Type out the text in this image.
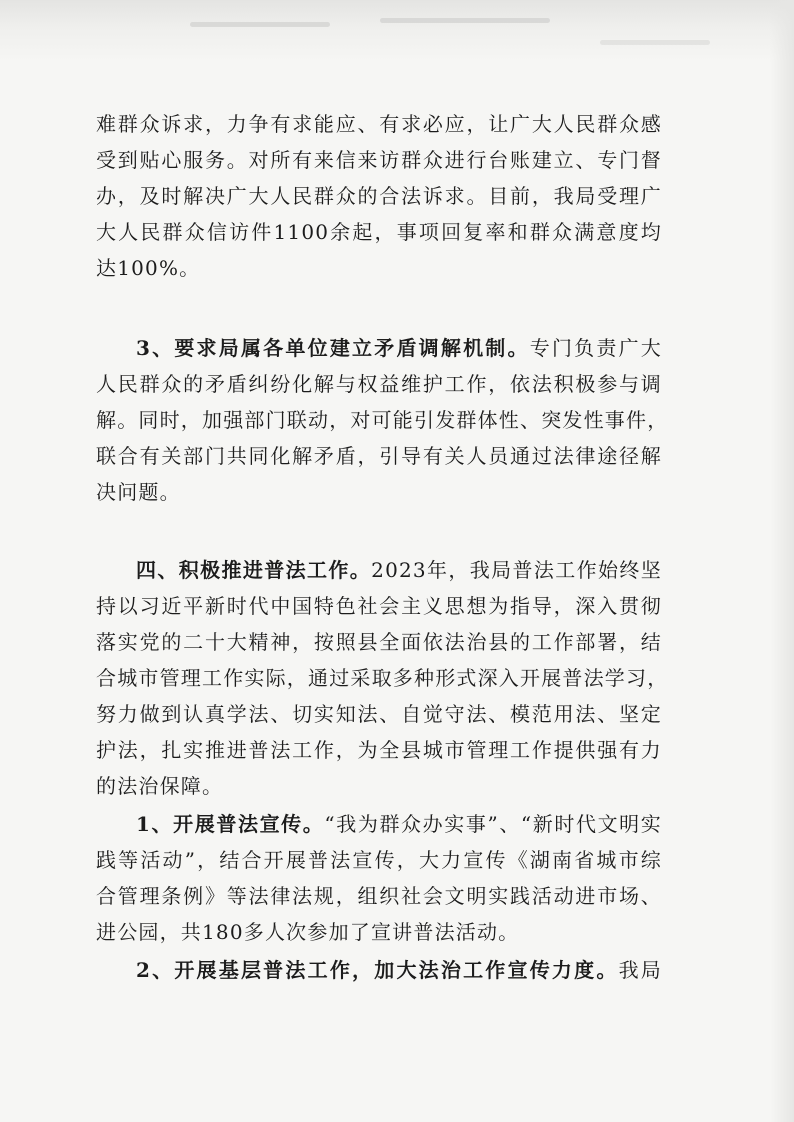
难群众诉求，力争有求能应、有求必应，让广大人民群众感
受到贴心服务。对所有来信来访群众进行台账建立、专门督
办，及时解决广大人民群众的合法诉求。目前，我局受理广
大人民群众信访件1100余起，事项回复率和群众满意度均
达100%。
3、要求局属各单位建立矛盾调解机制。专门负责广大
人民群众的矛盾纠纷化解与权益维护工作，依法积极参与调
解。同时，加强部门联动，对可能引发群体性、突发性事件，
联合有关部门共同化解矛盾，引导有关人员通过法律途径解
决问题。
四、积极推进普法工作。2023年，我局普法工作始终坚
持以习近平新时代中国特色社会主义思想为指导，深入贯彻
落实党的二十大精神，按照县全面依法治县的工作部署，结
合城市管理工作实际，通过采取多种形式深入开展普法学习，
努力做到认真学法、切实知法、自觉守法、模范用法、坚定
护法，扎实推进普法工作，为全县城市管理工作提供强有力
的法治保障。
1、开展普法宣传。“我为群众办实事”、“新时代文明实
践等活动”，结合开展普法宣传，大力宣传《湖南省城市综
合管理条例》等法律法规，组织社会文明实践活动进市场、
进公园，共180多人次参加了宣讲普法活动。
2、开展基层普法工作，加大法治工作宣传力度。我局
